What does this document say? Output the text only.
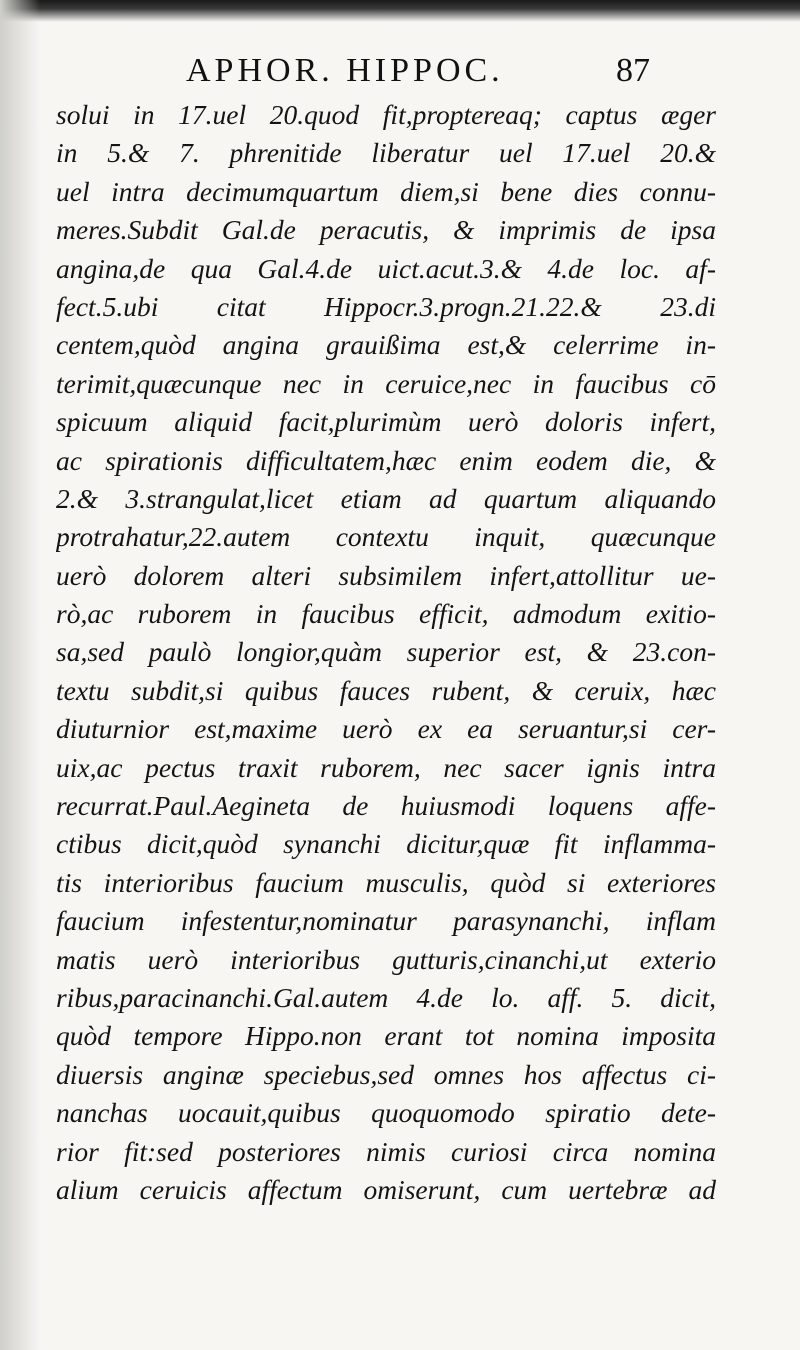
APHOR. HIPPOC.	87
solui in 17.uel 20.quod fit,proptereaq; captus æger
in 5.& 7. phrenitide liberatur uel 17.uel 20.&
uel intra decimumquartum diem,si bene dies connu-
meres.Subdit Gal.de peracutis, & imprimis de ipsa
angina,de qua Gal.4.de uict.acut.3.& 4.de loc. af-
fect.5.ubi citat Hippocr.3.progn.21.22.& 23.di
centem,quòd angina grauißima est,& celerrime in-
terimit,quæcunque nec in ceruice,nec in faucibus cō
spicuum aliquid facit,plurimùm uerò doloris infert,
ac spirationis difficultatem,hæc enim eodem die, &
2.& 3.strangulat,licet etiam ad quartum aliquando
protrahatur,22.autem contextu inquit, quæcunque
uerò dolorem alteri subsimilem infert,attollitur ue-
rò,ac ruborem in faucibus efficit, admodum exitio-
sa,sed paulò longior,quàm superior est, & 23.con-
textu subdit,si quibus fauces rubent, & ceruix, hæc
diuturnior est,maxime uerò ex ea seruantur,si cer-
uix,ac pectus traxit ruborem, nec sacer ignis intra
recurrat.Paul.Aegineta de huiusmodi loquens affe-
ctibus dicit,quòd synanchi dicitur,quæ fit inflamma-
tis interioribus faucium musculis, quòd si exteriores
faucium infestentur,nominatur parasynanchi, inflam
matis uerò interioribus gutturis,cinanchi,ut exterio
ribus,paracinanchi.Gal.autem 4.de lo. aff. 5. dicit,
quòd tempore Hippo.non erant tot nomina imposita
diuersis anginæ speciebus,sed omnes hos affectus ci-
nanchas uocauit,quibus quoquomodo spiratio dete-
rior fit:sed posteriores nimis curiosi circa nomina
alium ceruicis affectum omiserunt, cum uertebræ ad
